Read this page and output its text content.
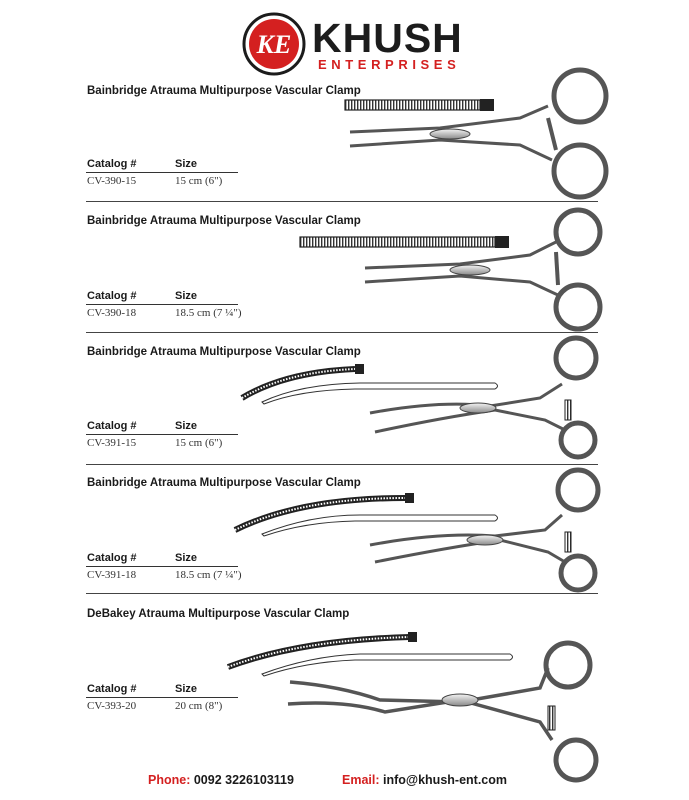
KE KHUSH
ENTERPRISES
Bainbridge Atrauma Multipurpose Vascular Clamp
Catalog #	Size
CV-390-15	15 cm (6")
Bainbridge Atrauma Multipurpose Vascular Clamp
Catalog #	Size
CV-390-18	18.5 cm (7 ¼")
Bainbridge Atrauma Multipurpose Vascular Clamp
Catalog #	Size
CV-391-15	15 cm (6")
Bainbridge Atrauma Multipurpose Vascular Clamp
Catalog #	Size
CV-391-18	18.5 cm (7 ¼")
DeBakey Atrauma Multipurpose Vascular Clamp
Catalog #	Size
CV-393-20	20 cm (8")
Phone: 0092 3226103119	Email: info@khush-ent.com
